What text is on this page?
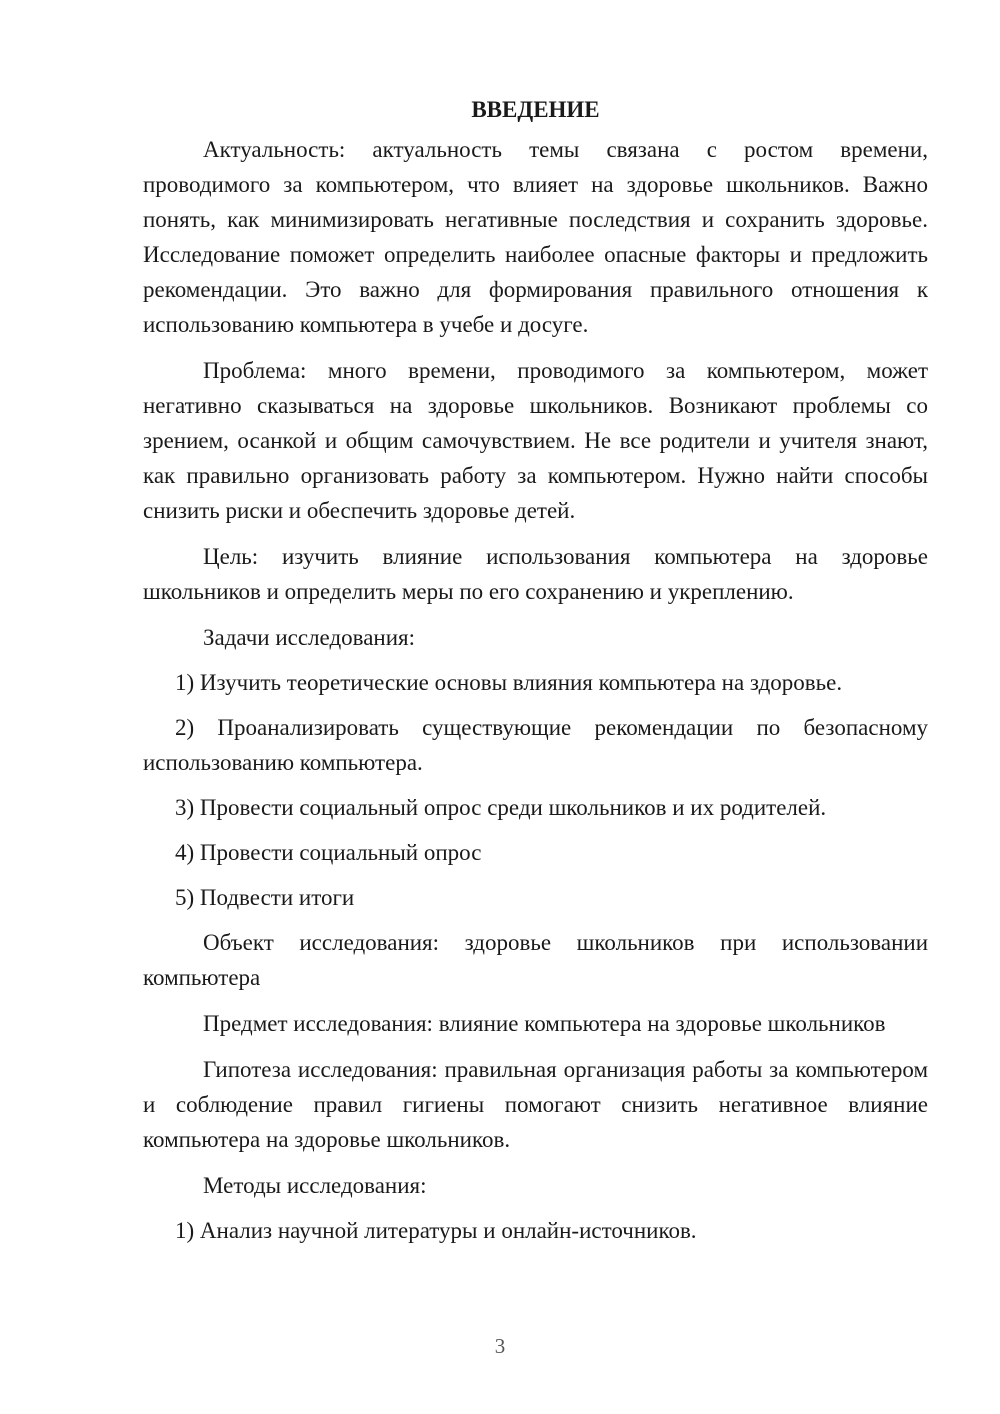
ВВЕДЕНИЕ
Актуальность: актуальность темы связана с ростом времени, проводимого за компьютером, что влияет на здоровье школьников. Важно понять, как минимизировать негативные последствия и сохранить здоровье. Исследование поможет определить наиболее опасные факторы и предложить рекомендации. Это важно для формирования правильного отношения к использованию компьютера в учебе и досуге.
Проблема: много времени, проводимого за компьютером, может негативно сказываться на здоровье школьников. Возникают проблемы со зрением, осанкой и общим самочувствием. Не все родители и учителя знают, как правильно организовать работу за компьютером. Нужно найти способы снизить риски и обеспечить здоровье детей.
Цель: изучить влияние использования компьютера на здоровье школьников и определить меры по его сохранению и укреплению.
Задачи исследования:
1) Изучить теоретические основы влияния компьютера на здоровье.
2) Проанализировать существующие рекомендации по безопасному использованию компьютера.
3) Провести социальный опрос среди школьников и их родителей.
4) Провести социальный опрос
5) Подвести итоги
Объект исследования: здоровье школьников при использовании компьютера
Предмет исследования: влияние компьютера на здоровье школьников
Гипотеза исследования: правильная организация работы за компьютером и соблюдение правил гигиены помогают снизить негативное влияние компьютера на здоровье школьников.
Методы исследования:
1) Анализ научной литературы и онлайн-источников.
3
